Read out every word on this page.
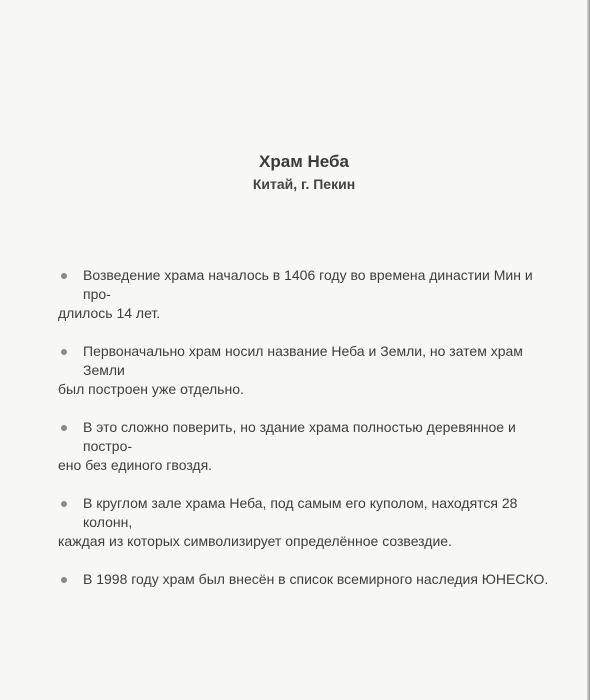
Храм Неба
Китай, г. Пекин
Возведение храма началось в 1406 году во времена династии Мин и про-
длилось 14 лет.
Первоначально храм носил название Неба и Земли, но затем храм Земли
был построен уже отдельно.
В это сложно поверить, но здание храма полностью деревянное и постро-
ено без единого гвоздя.
В круглом зале храма Неба, под самым его куполом, находятся 28 колонн,
каждая из которых символизирует определённое созвездие.
В 1998 году храм был внесён в список всемирного наследия ЮНЕСКО.
